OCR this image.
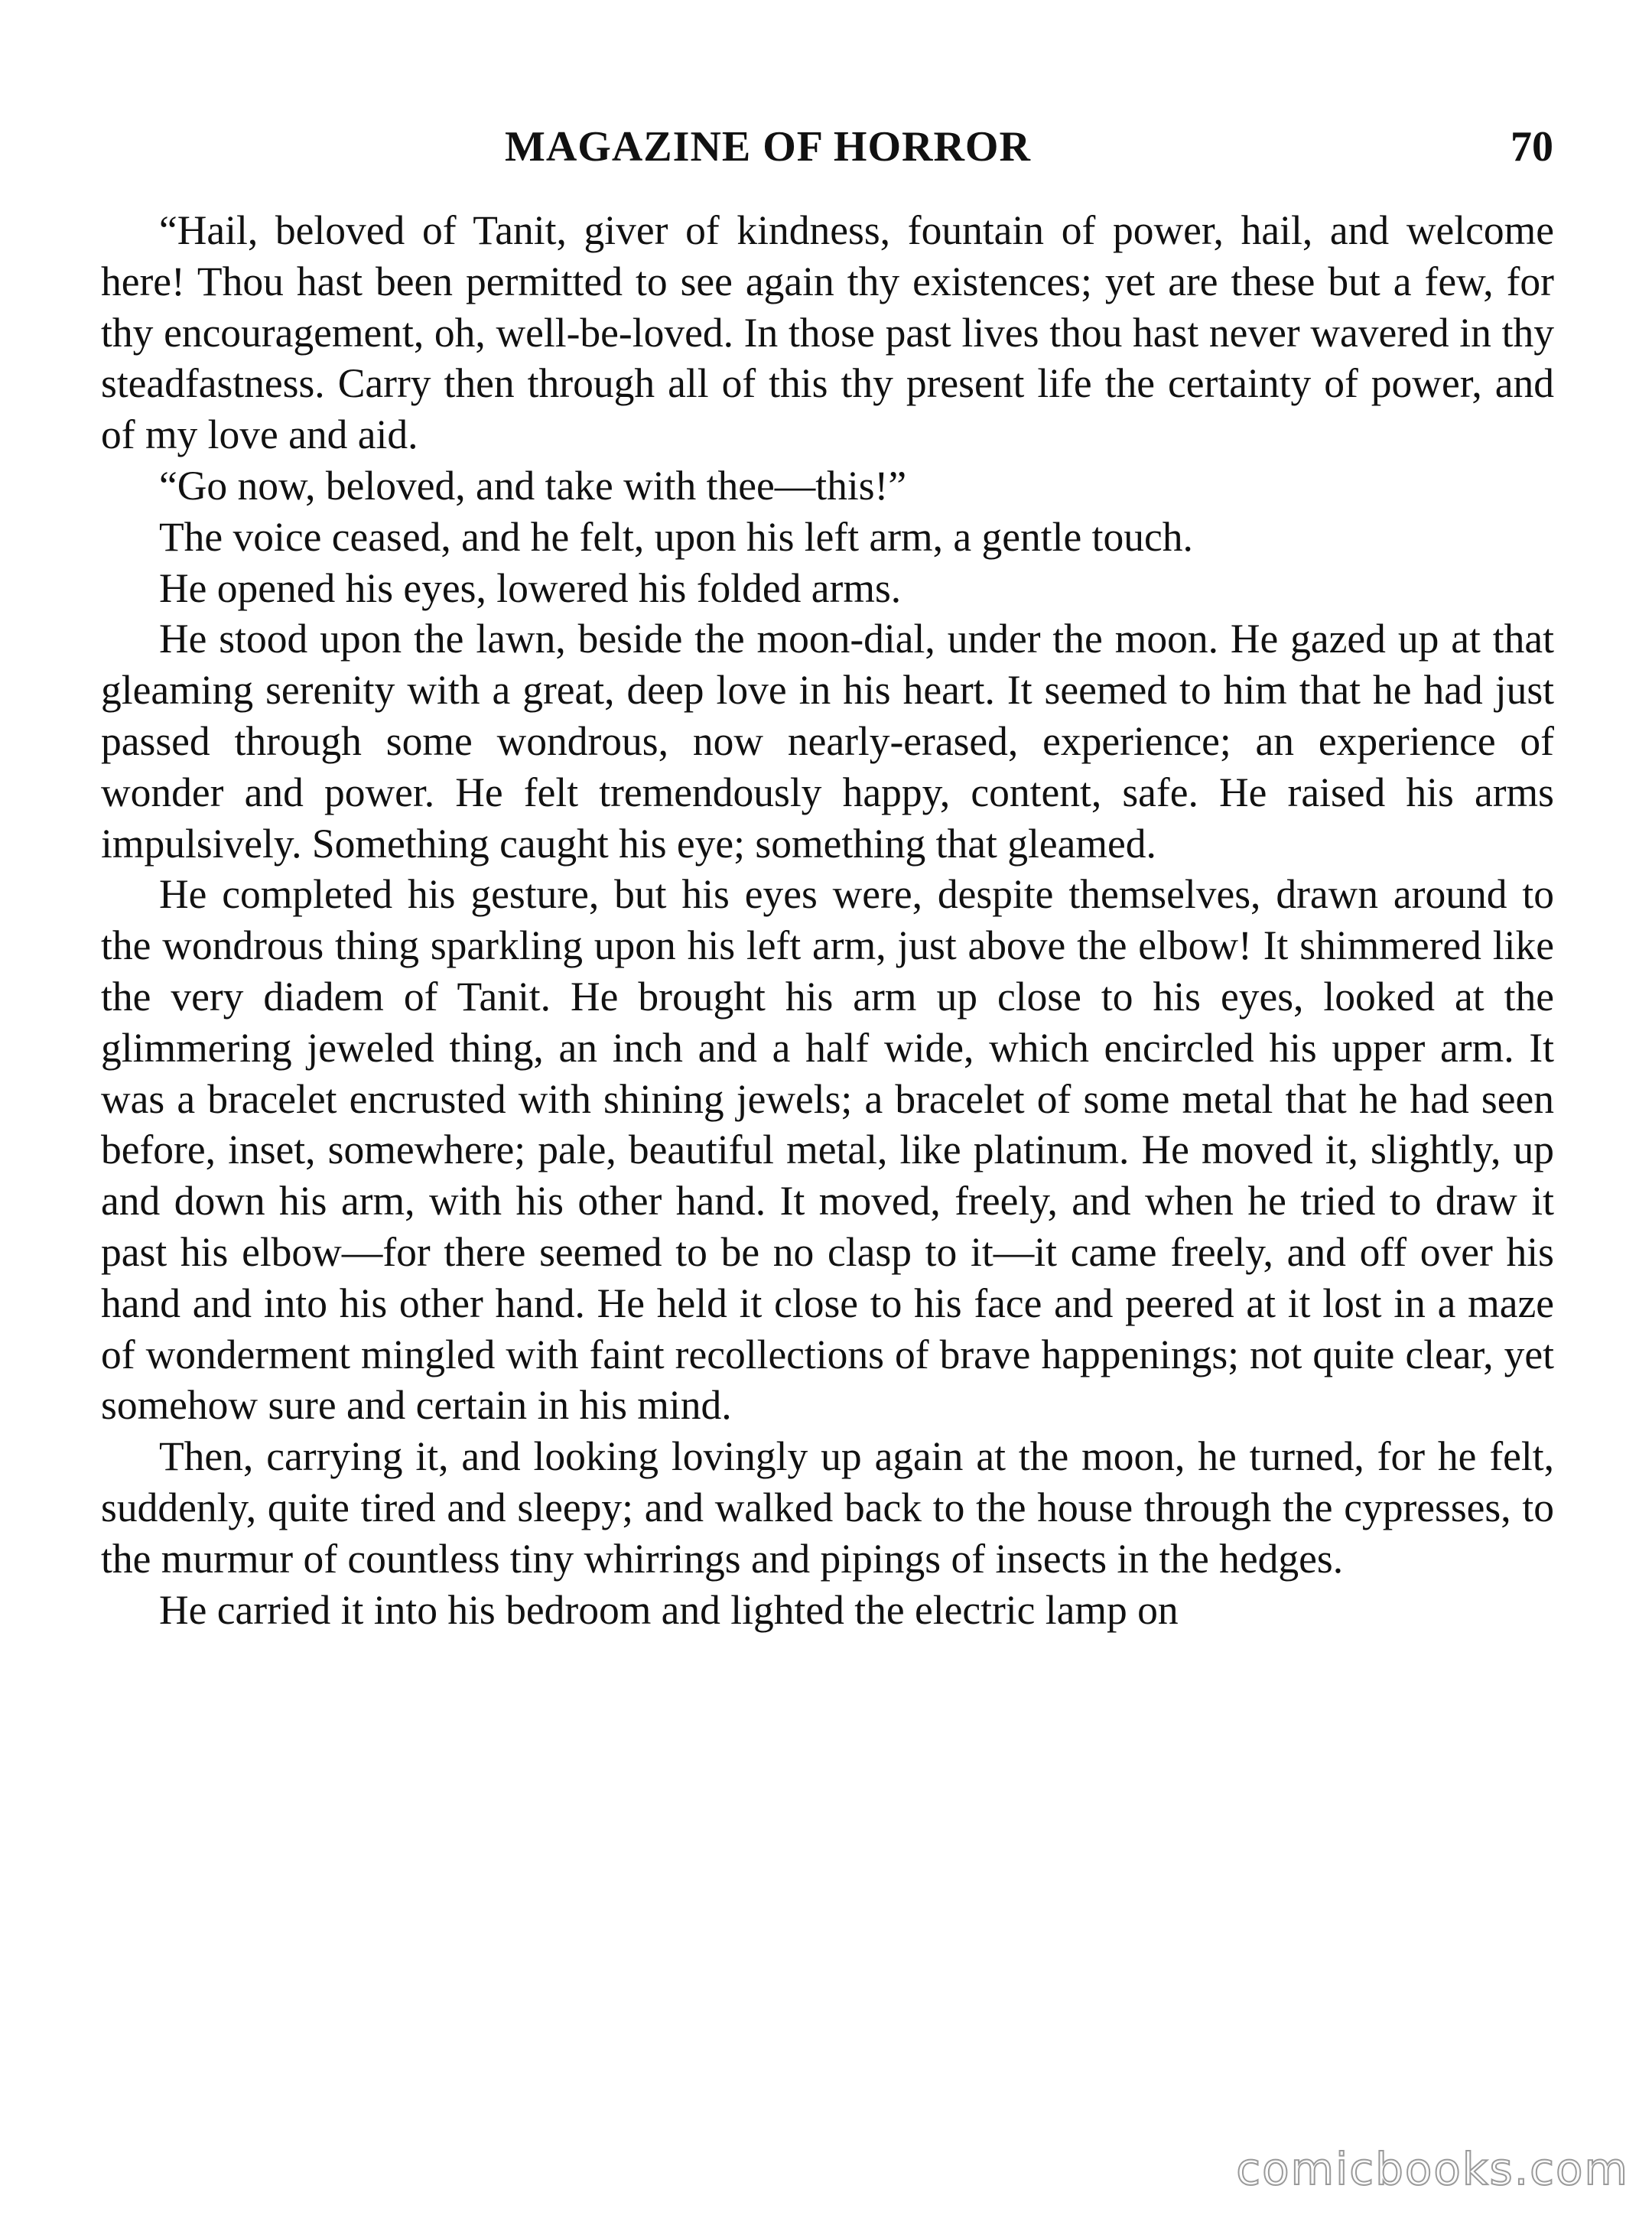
MAGAZINE OF HORROR	70

“Hail, beloved of Tanit, giver of kindness, fountain of power, hail, and welcome here! Thou hast been permitted to see again thy existences; yet are these but a few, for thy encouragement, oh, well-be-loved. In those past lives thou hast never wavered in thy steadfastness. Carry then through all of this thy present life the certainty of power, and of my love and aid.

“Go now, beloved, and take with thee—this!”

The voice ceased, and he felt, upon his left arm, a gentle touch.

He opened his eyes, lowered his folded arms.

He stood upon the lawn, beside the moon-dial, under the moon. He gazed up at that gleaming serenity with a great, deep love in his heart. It seemed to him that he had just passed through some wondrous, now nearly-erased, experience; an experience of wonder and power. He felt tremendously happy, content, safe. He raised his arms impulsively. Something caught his eye; something that gleamed.

He completed his gesture, but his eyes were, despite themselves, drawn around to the wondrous thing sparkling upon his left arm, just above the elbow! It shimmered like the very diadem of Tanit. He brought his arm up close to his eyes, looked at the glimmering jeweled thing, an inch and a half wide, which encircled his upper arm. It was a bracelet encrusted with shining jewels; a bracelet of some metal that he had seen before, inset, somewhere; pale, beautiful metal, like platinum. He moved it, slightly, up and down his arm, with his other hand. It moved, freely, and when he tried to draw it past his elbow—for there seemed to be no clasp to it—it came freely, and off over his hand and into his other hand. He held it close to his face and peered at it lost in a maze of wonderment mingled with faint recollections of brave happenings; not quite clear, yet somehow sure and certain in his mind.

Then, carrying it, and looking lovingly up again at the moon, he turned, for he felt, suddenly, quite tired and sleepy; and walked back to the house through the cypresses, to the murmur of countless tiny whirrings and pipings of insects in the hedges.

He carried it into his bedroom and lighted the electric lamp on

comicbooks.com
